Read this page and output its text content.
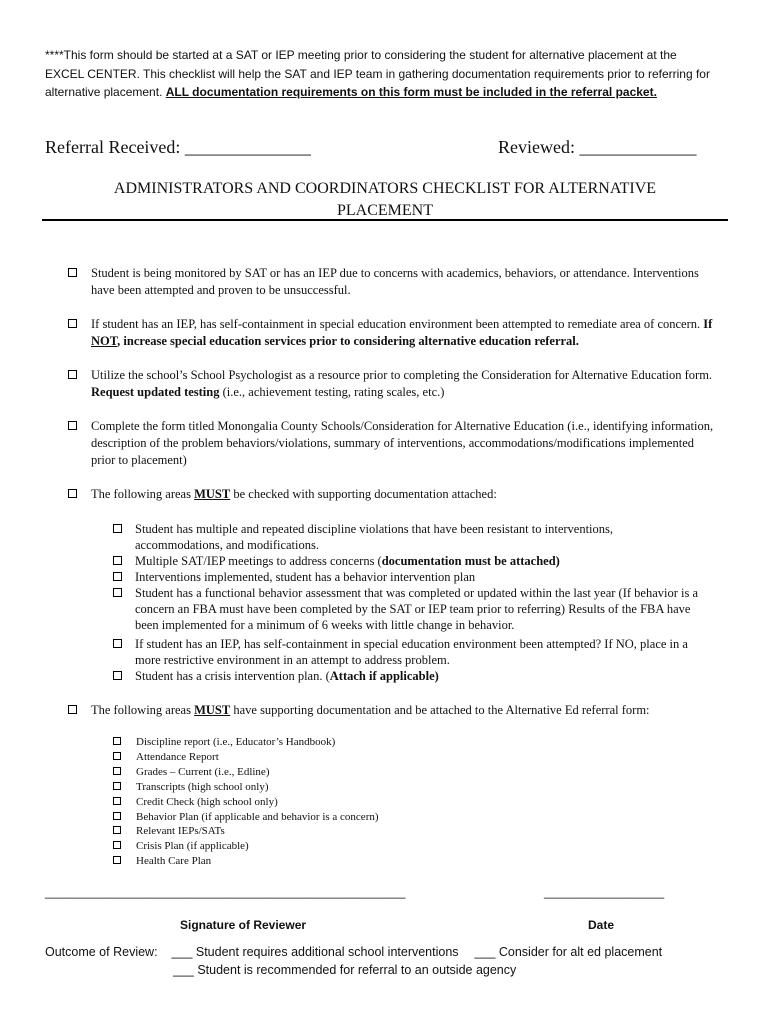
****This form should be started at a SAT or IEP meeting prior to considering the student for alternative placement at the EXCEL CENTER. This checklist will help the SAT and IEP team in gathering documentation requirements prior to referring for alternative placement. ALL documentation requirements on this form must be included in the referral packet.
Referral Received: ______________	Reviewed: _____________
ADMINISTRATORS AND COORDINATORS CHECKLIST FOR ALTERNATIVE
PLACEMENT
Student is being monitored by SAT or has an IEP due to concerns with academics, behaviors, or attendance. Interventions have been attempted and proven to be unsuccessful.
If student has an IEP, has self-containment in special education environment been attempted to remediate area of concern. If NOT, increase special education services prior to considering alternative education referral.
Utilize the school’s School Psychologist as a resource prior to completing the Consideration for Alternative Education form. Request updated testing (i.e., achievement testing, rating scales, etc.)
Complete the form titled Monongalia County Schools/Consideration for Alternative Education (i.e., identifying information, description of the problem behaviors/violations, summary of interventions, accommodations/modifications implemented prior to placement)
The following areas MUST be checked with supporting documentation attached:
Student has multiple and repeated discipline violations that have been resistant to interventions, accommodations, and modifications.
Multiple SAT/IEP meetings to address concerns (documentation must be attached)
Interventions implemented, student has a behavior intervention plan
Student has a functional behavior assessment that was completed or updated within the last year (If behavior is a concern an FBA must have been completed by the SAT or IEP team prior to referring) Results of the FBA have been implemented for a minimum of 6 weeks with little change in behavior.
If student has an IEP, has self-containment in special education environment been attempted? If NO, place in a more restrictive environment in an attempt to address problem.
Student has a crisis intervention plan. (Attach if applicable)
The following areas MUST have supporting documentation and be attached to the Alternative Ed referral form:
Discipline report (i.e., Educator’s Handbook)
Attendance Report
Grades – Current (i.e., Edline)
Transcripts (high school only)
Credit Check (high school only)
Behavior Plan (if applicable and behavior is a concern)
Relevant IEPs/SATs
Crisis Plan (if applicable)
Health Care Plan
______________________________________________________	__________________
Signature of Reviewer	Date
Outcome of Review: ___ Student requires additional school interventions ___ Consider for alt ed placement
___ Student is recommended for referral to an outside agency
